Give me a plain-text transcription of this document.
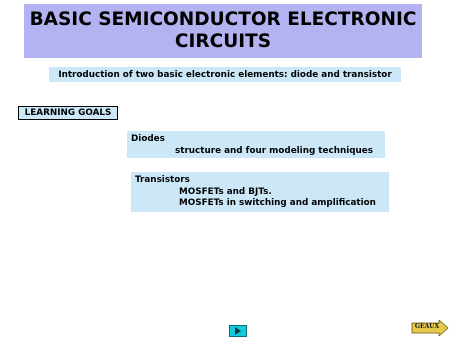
BASIC SEMICONDUCTOR ELECTRONIC CIRCUITS
Introduction of two basic electronic elements: diode and transistor
LEARNING GOALS
Diodes
structure and four modeling techniques
Transistors
MOSFETs and BJTs.
MOSFETs in switching and amplification
GEAUX
